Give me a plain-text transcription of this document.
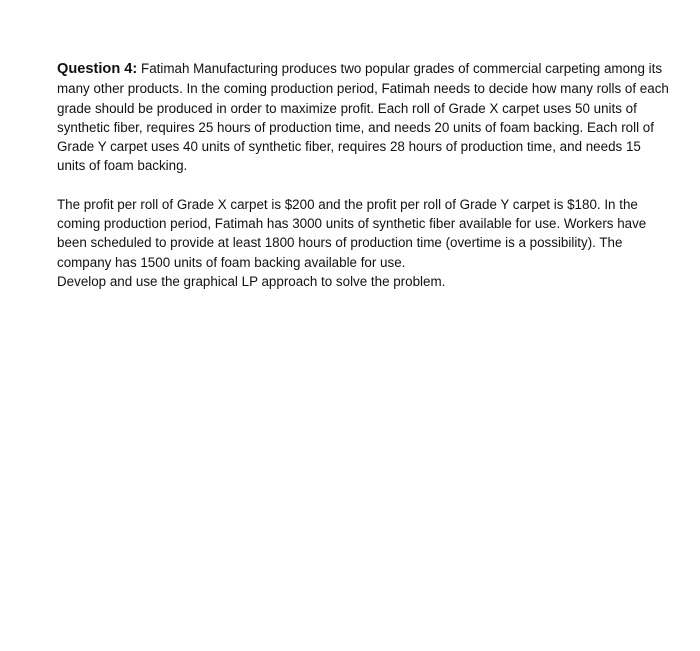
Question 4: Fatimah Manufacturing produces two popular grades of commercial carpeting among its many other products. In the coming production period, Fatimah needs to decide how many rolls of each grade should be produced in order to maximize profit. Each roll of Grade X carpet uses 50 units of synthetic fiber, requires 25 hours of production time, and needs 20 units of foam backing. Each roll of Grade Y carpet uses 40 units of synthetic fiber, requires 28 hours of production time, and needs 15 units of foam backing.

The profit per roll of Grade X carpet is $200 and the profit per roll of Grade Y carpet is $180. In the coming production period, Fatimah has 3000 units of synthetic fiber available for use. Workers have been scheduled to provide at least 1800 hours of production time (overtime is a possibility). The company has 1500 units of foam backing available for use.
Develop and use the graphical LP approach to solve the problem.
